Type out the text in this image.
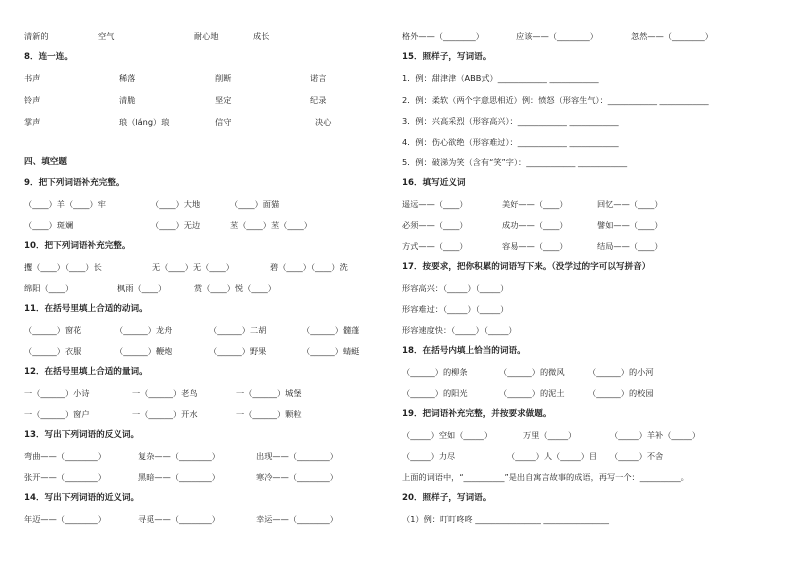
清新的	空气	耐心地	成长
8．连一连。
书声	稀落	削断	诺言
铃声	清脆	坚定	纪录
掌声	琅（láng）琅	信守	决心
四、填空题
9．把下列词语补充完整。
（____）羊（____）牢	（____）大地	（____）面猫
（____）斑斓	（____）无边	苤（____）苤（____）
10．把下列词语补充完整。
攫（____）（____）长	无（____）无（____）	碧（____）（____）洗
绵阳（____）	枫雨（____）	赏（____）悦（____）
11．在括号里填上合适的动词。
（______）窗花	（______）龙舟	（______）二胡	（______）髓蓬
（______）衣服	（______）鞭炮	（______）野果	（______）蜻蜓
12．在括号里填上合适的量词。
一（______）小诗	一（______）老鸟	一（______）城堡
一（______）窗户	一（______）开水	一（______）颗粒
13．写出下列词语的反义词。
弯曲——（________）	复杂——（________）	出现——（________）
张开——（________）	黑暗——（________）	寒冷——（________）
14．写出下列词语的近义词。
年迈——（________）	寻觅——（________）	幸运——（________）
格外——（________）	应该——（________）	忽然——（________）
15．照样子，写词语。
1．例：甜津津（ABB式）____________ ____________
2．例：柔软（两个字意思相近）例：愤怒（形容生气）：____________ ____________
3．例：兴高采烈（形容高兴）：____________ ____________
4．例：伤心欲绝（形容难过）：____________ ____________
5．例：破涕为笑（含有“笑”字）：____________ ____________
16．填写近义词
遥远——（____）	美好——（____）	回忆——（____）
必须——（____）	成功——（____）	譬如——（____）
方式——（____）	容易——（____）	结局——（____）
17．按要求，把你积累的词语写下来。（没学过的字可以写拼音）
形容高兴：（_____）（_____）
形容难过：（_____）（_____）
形容速度快：（_____）（_____）
18．在括号内填上恰当的词语。
（______）的柳条	（______）的微风	（______）的小河
（______）的阳光	（______）的泥土	（______）的校园
19．把词语补充完整，并按要求做题。
（_____）空如（_____）	万里（_____）	（_____）羊补（_____）
（_____）力尽	（_____）人（_____）目 （_____）不舍
上面的词语中，“__________”是出自寓言故事的成语，再写一个：__________。
20．照样子，写词语。
（1）例：叮叮咚咚 ________________ ________________
